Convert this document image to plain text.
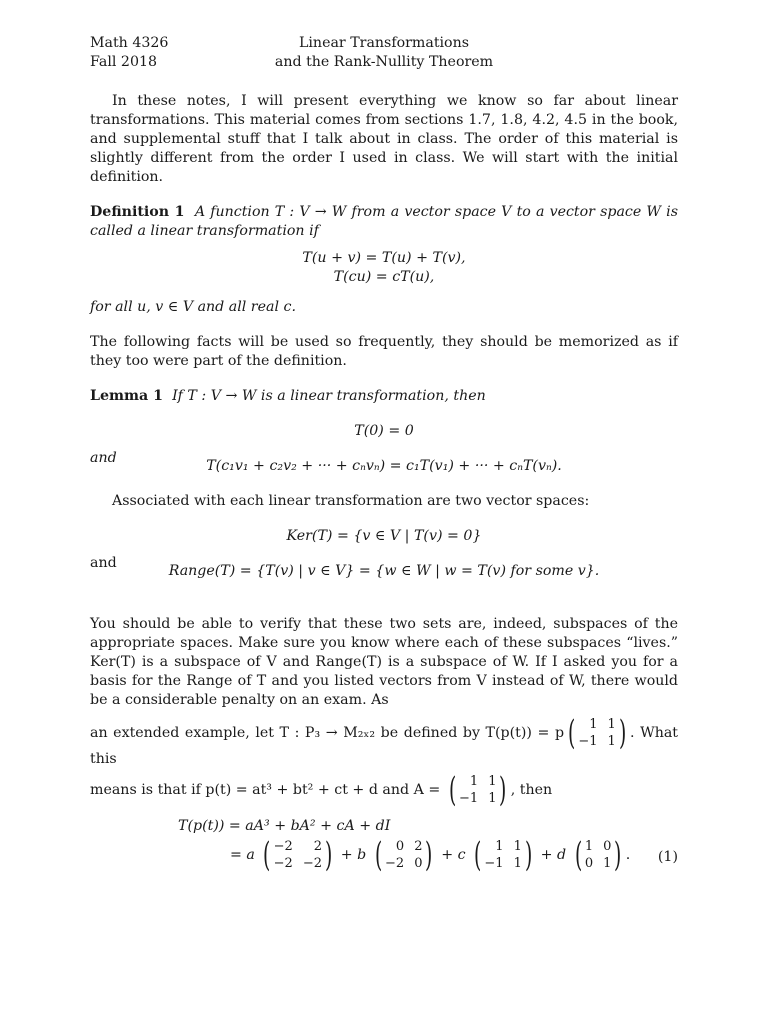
Math 4326
Fall 2018
Linear Transformations
and the Rank-Nullity Theorem

In these notes, I will present everything we know so far about linear transformations. This material comes from sections 1.7, 1.8, 4.2, 4.5 in the book, and supplemental stuff that I talk about in class. The order of this material is slightly different from the order I used in class. We will start with the initial definition.

Definition 1 A function T : V → W from a vector space V to a vector space W is called a linear transformation if

T(u + v) = T(u) + T(v),
T(cu) = cT(u),

for all u, v ∈ V and all real c.

The following facts will be used so frequently, they should be memorized as if they too were part of the definition.

Lemma 1 If T : V → W is a linear transformation, then

T(0) = 0
and	T(c₁v₁ + c₂v₂ + ··· + cₙvₙ) = c₁T(v₁) + ··· + cₙT(vₙ).

Associated with each linear transformation are two vector spaces:

Ker(T) = {v ∈ V | T(v) = 0}
and	Range(T) = {T(v) | v ∈ V} = {w ∈ W | w = T(v) for some v}.

You should be able to verify that these two sets are, indeed, subspaces of the appropriate spaces. Make sure you know where each of these subspaces “lives.” Ker(T) is a subspace of V and Range(T) is a subspace of W. If I asked you for a basis for the Range of T and you listed vectors from V instead of W, there would be a considerable penalty on an exam. As

an extended example, let T : P₃ → M₂ₓ₂ be defined by T(p(t)) = p (	1 1
−1 1 ) . What this
means is that if p(t) = at³ + bt² + ct + d and A = (	1 1
−1 1 ) , then
T(p(t)) = aA³ + bA² + cA + dI
= a ( −2	2
−2 −2 ) + b (	0 2
−2 0 ) + c (	1 1
−1 1 ) + d ( 1 0
0 1 ) . (1)
